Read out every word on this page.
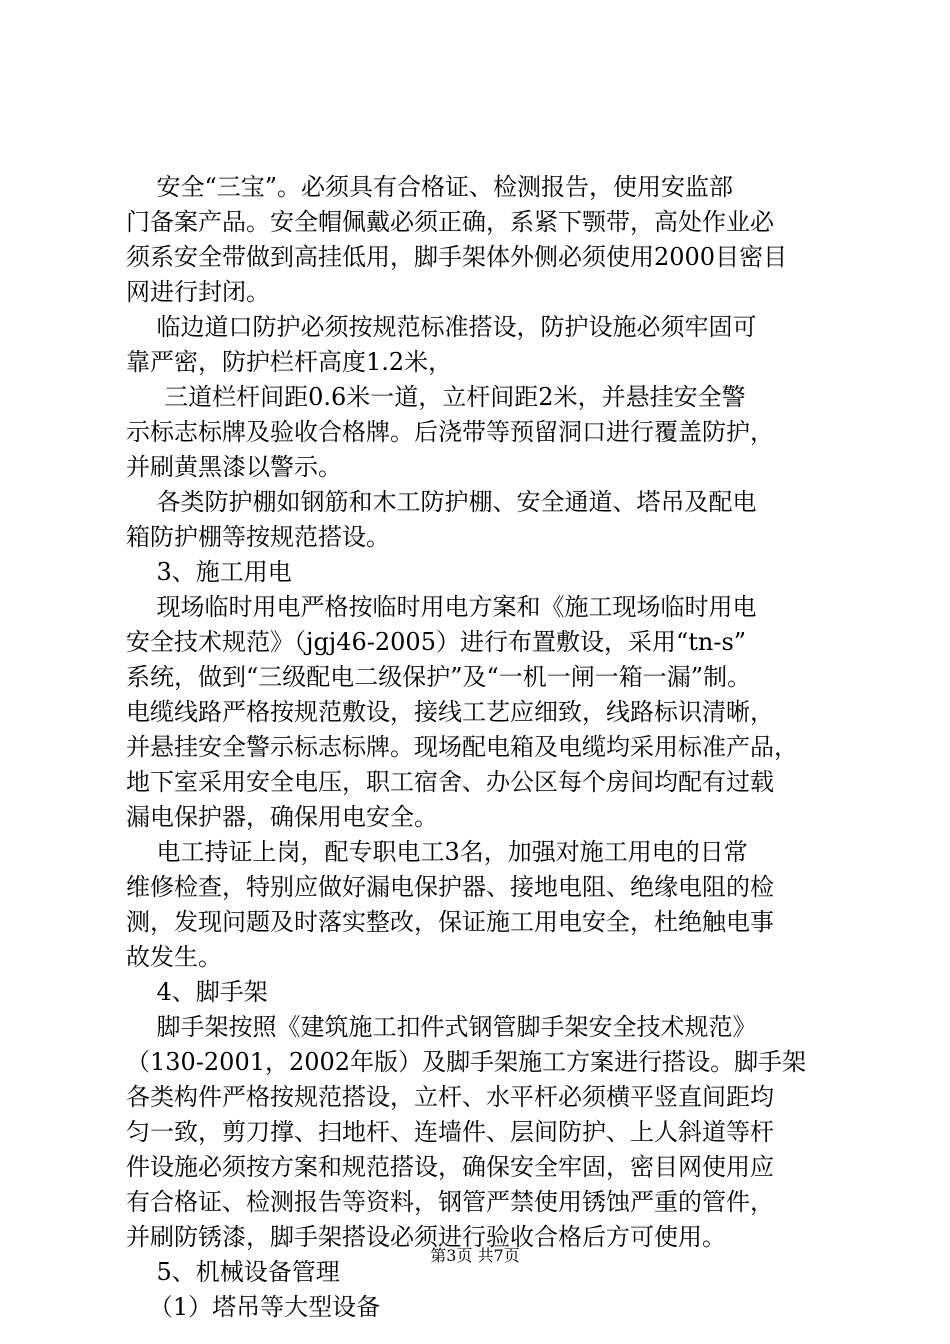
安全“三宝”。必须具有合格证、检测报告，使用安监部
门备案产品。安全帽佩戴必须正确，系紧下颚带，高处作业必
须系安全带做到高挂低用，脚手架体外侧必须使用2000目密目
网进行封闭。
临边道口防护必须按规范标准搭设，防护设施必须牢固可
靠严密，防护栏杆高度1.2米，
三道栏杆间距0.6米一道，立杆间距2米，并悬挂安全警
示标志标牌及验收合格牌。后浇带等预留洞口进行覆盖防护，
并刷黄黑漆以警示。
各类防护棚如钢筋和木工防护棚、安全通道、塔吊及配电
箱防护棚等按规范搭设。
3、施工用电
现场临时用电严格按临时用电方案和《施工现场临时用电
安全技术规范》（jgj46-2005）进行布置敷设，采用“tn-s”
系统，做到“三级配电二级保护”及“一机一闸一箱一漏”制。
电缆线路严格按规范敷设，接线工艺应细致，线路标识清晰，
并悬挂安全警示标志标牌。现场配电箱及电缆均采用标准产品，
地下室采用安全电压，职工宿舍、办公区每个房间均配有过载
漏电保护器，确保用电安全。
电工持证上岗，配专职电工3名，加强对施工用电的日常
维修检查，特别应做好漏电保护器、接地电阻、绝缘电阻的检
测，发现问题及时落实整改，保证施工用电安全，杜绝触电事
故发生。
4、脚手架
脚手架按照《建筑施工扣件式钢管脚手架安全技术规范》
（130-2001，2002年版）及脚手架施工方案进行搭设。脚手架
各类构件严格按规范搭设，立杆、水平杆必须横平竖直间距均
匀一致，剪刀撑、扫地杆、连墙件、层间防护、上人斜道等杆
件设施必须按方案和规范搭设，确保安全牢固，密目网使用应
有合格证、检测报告等资料，钢管严禁使用锈蚀严重的管件，
并刷防锈漆，脚手架搭设必须进行验收合格后方可使用。
5、机械设备管理
（1）塔吊等大型设备
第3页 共7页
